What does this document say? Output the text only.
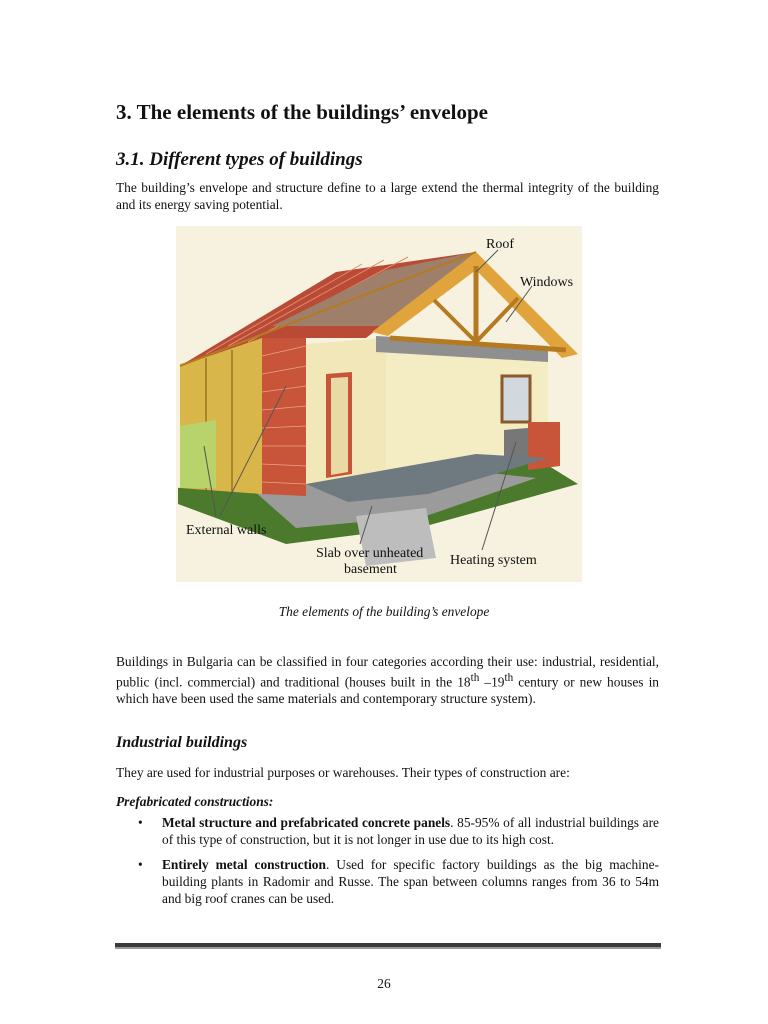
3. The elements of the buildings’ envelope
3.1. Different types of buildings

The building’s envelope and structure define to a large extend the thermal integrity of the building and its energy saving potential.

Roof
Windows
External walls
Slab over unheated
basement
Heating system

The elements of the building’s envelope

Buildings in Bulgaria can be classified in four categories according their use: industrial, residential, public (incl. commercial) and traditional (houses built in the 18th –19th century or new houses in which have been used the same materials and contemporary structure system).

Industrial buildings

They are used for industrial purposes or warehouses. Their types of construction are:

Prefabricated constructions:

• Metal structure and prefabricated concrete panels. 85-95% of all industrial buildings are of this type of construction, but it is not longer in use due to its high cost.
• Entirely metal construction. Used for specific factory buildings as the big machine-building plants in Radomir and Russe. The span between columns ranges from 36 to 54m and big roof cranes can be used.
26
